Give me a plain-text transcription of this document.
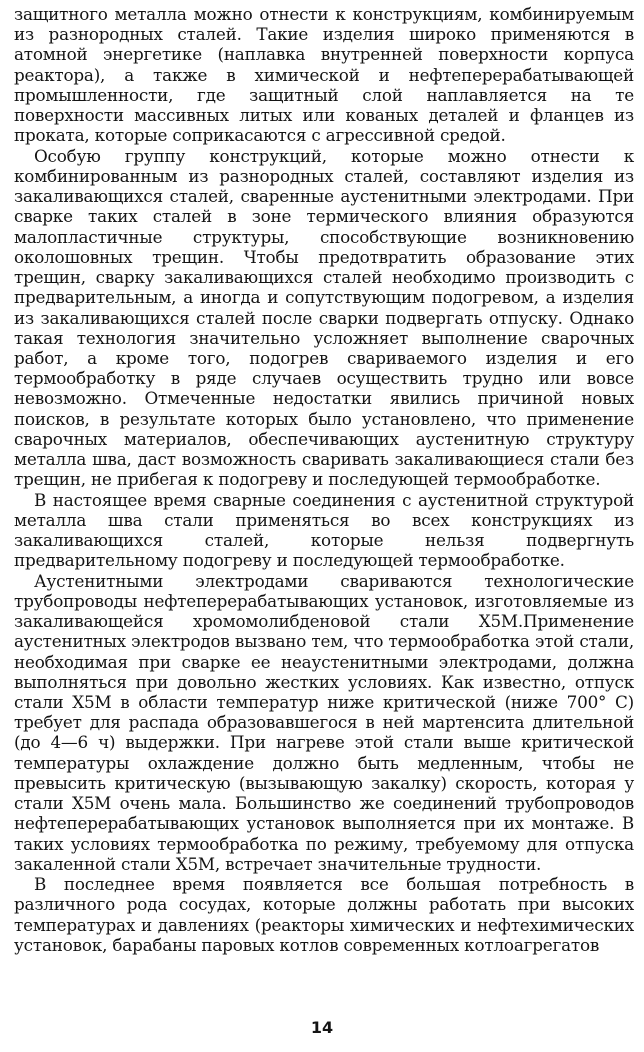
защитного металла можно отнести к конструкциям, комбинируемым из разнородных сталей. Такие изделия широко применяются в атомной энергетике (наплавка внутренней поверхности корпуса реактора), а также в химической и нефтеперерабатывающей промышленности, где защитный слой наплавляется на те поверхности массивных литых или кованых деталей и фланцев из проката, которые соприкасаются с агрессивной средой.

Особую группу конструкций, которые можно отнести к комбинированным из разнородных сталей, составляют изделия из закаливающихся сталей, сваренные аустенитными электродами. При сварке таких сталей в зоне термического влияния образуются малопластичные структуры, способствующие возникновению околошовных трещин. Чтобы предотвратить образование этих трещин, сварку закаливающихся сталей необходимо производить с предварительным, а иногда и сопутствующим подогревом, а изделия из закаливающихся сталей после сварки подвергать отпуску. Однако такая технология значительно усложняет выполнение сварочных работ, а кроме того, подогрев свариваемого изделия и его термообработку в ряде случаев осуществить трудно или вовсе невозможно. Отмеченные недостатки явились причиной новых поисков, в результате которых было установлено, что применение сварочных материалов, обеспечивающих аустенитную структуру металла шва, даст возможность сваривать закаливающиеся стали без трещин, не прибегая к подогреву и последующей термообработке.

В настоящее время сварные соединения с аустенитной структурой металла шва стали применяться во всех конструкциях из закаливающихся сталей, которые нельзя подвергнуть предварительному подогреву и последующей термообработке.

Аустенитными электродами свариваются технологические трубопроводы нефтеперерабатывающих установок, изготовляемые из закаливающейся хромомолибденовой стали Х5М.Применение аустенитных электродов вызвано тем, что термообработка этой стали, необходимая при сварке ее неаустенитными электродами, должна выполняться при довольно жестких условиях. Как известно, отпуск стали Х5М в области температур ниже критической (ниже 700° С) требует для распада образовавшегося в ней мартенсита длительной (до 4—6 ч) выдержки. При нагреве этой стали выше критической температуры охлаждение должно быть медленным, чтобы не превысить критическую (вызывающую закалку) скорость, которая у стали Х5М очень мала. Большинство же соединений трубопроводов нефтеперерабатывающих установок выполняется при их монтаже. В таких условиях термообработка по режиму, требуемому для отпуска закаленной стали Х5М, встречает значительные трудности.

В последнее время появляется все большая потребность в различного рода сосудах, которые должны работать при высоких температурах и давлениях (реакторы химических и нефтехимических установок, барабаны паровых котлов современных котлоагрегатов

14
